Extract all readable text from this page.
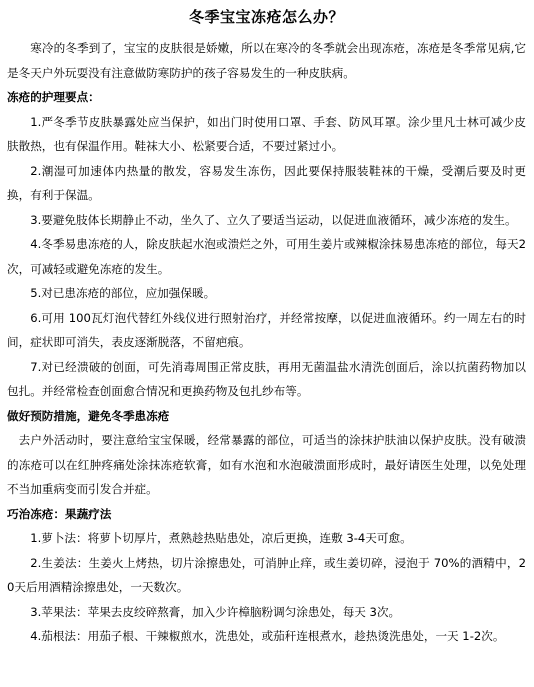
冬季宝宝冻疮怎么办？

寒冷的冬季到了，宝宝的皮肤很是娇嫩，所以在寒冷的冬季就会出现冻疮，冻疮是冬季常见病,它是冬天户外玩耍没有注意做防寒防护的孩子容易发生的一种皮肤病。

冻疮的护理要点：

1.严冬季节皮肤暴露处应当保护，如出门时使用口罩、手套、防风耳罩。涂少里凡士林可减少皮肤散热，也有保温作用。鞋袜大小、松紧要合适，不要过紧过小。

2.潮湿可加速体内热量的散发，容易发生冻伤，因此要保持服装鞋袜的干燥，受潮后要及时更换，有利于保温。

3.要避免肢体长期静止不动，坐久了、立久了要适当运动，以促进血液循环，减少冻疮的发生。

4.冬季易患冻疮的人，除皮肤起水泡或溃烂之外，可用生姜片或辣椒涂抹易患冻疮的部位，每天2次，可减轻或避免冻疮的发生。

5.对已患冻疮的部位，应加强保暖。

6.可用 100瓦灯泡代替红外线仪进行照射治疗，并经常按摩，以促进血液循环。约一周左右的时间，症状即可消失，表皮逐渐脱落，不留疤痕。

7.对已经溃破的创面，可先消毒周围正常皮肤，再用无菌温盐水清洗创面后，涂以抗菌药物加以包扎。并经常检查创面愈合情况和更换药物及包扎纱布等。

做好预防措施，避免冬季患冻疮

去户外活动时，要注意给宝宝保暖，经常暴露的部位，可适当的涂抹护肤油以保护皮肤。没有破溃的冻疮可以在红肿疼痛处涂抹冻疮软膏，如有水泡和水泡破溃面形成时，最好请医生处理，以免处理不当加重病变而引发合并症。

巧治冻疮：果蔬疗法

1.萝卜法：将萝卜切厚片，煮熟趁热贴患处，凉后更换，连敷 3-4天可愈。

2.生姜法：生姜火上烤热，切片涂擦患处，可消肿止痒，或生姜切碎，浸泡于 70%的酒精中，20天后用酒精涂擦患处，一天数次。

3.苹果法：苹果去皮绞碎熬膏，加入少许樟脑粉调匀涂患处，每天 3次。

4.茄根法：用茄子根、干辣椒煎水，洗患处，或茄秆连根煮水，趁热烫洗患处，一天 1-2次。
